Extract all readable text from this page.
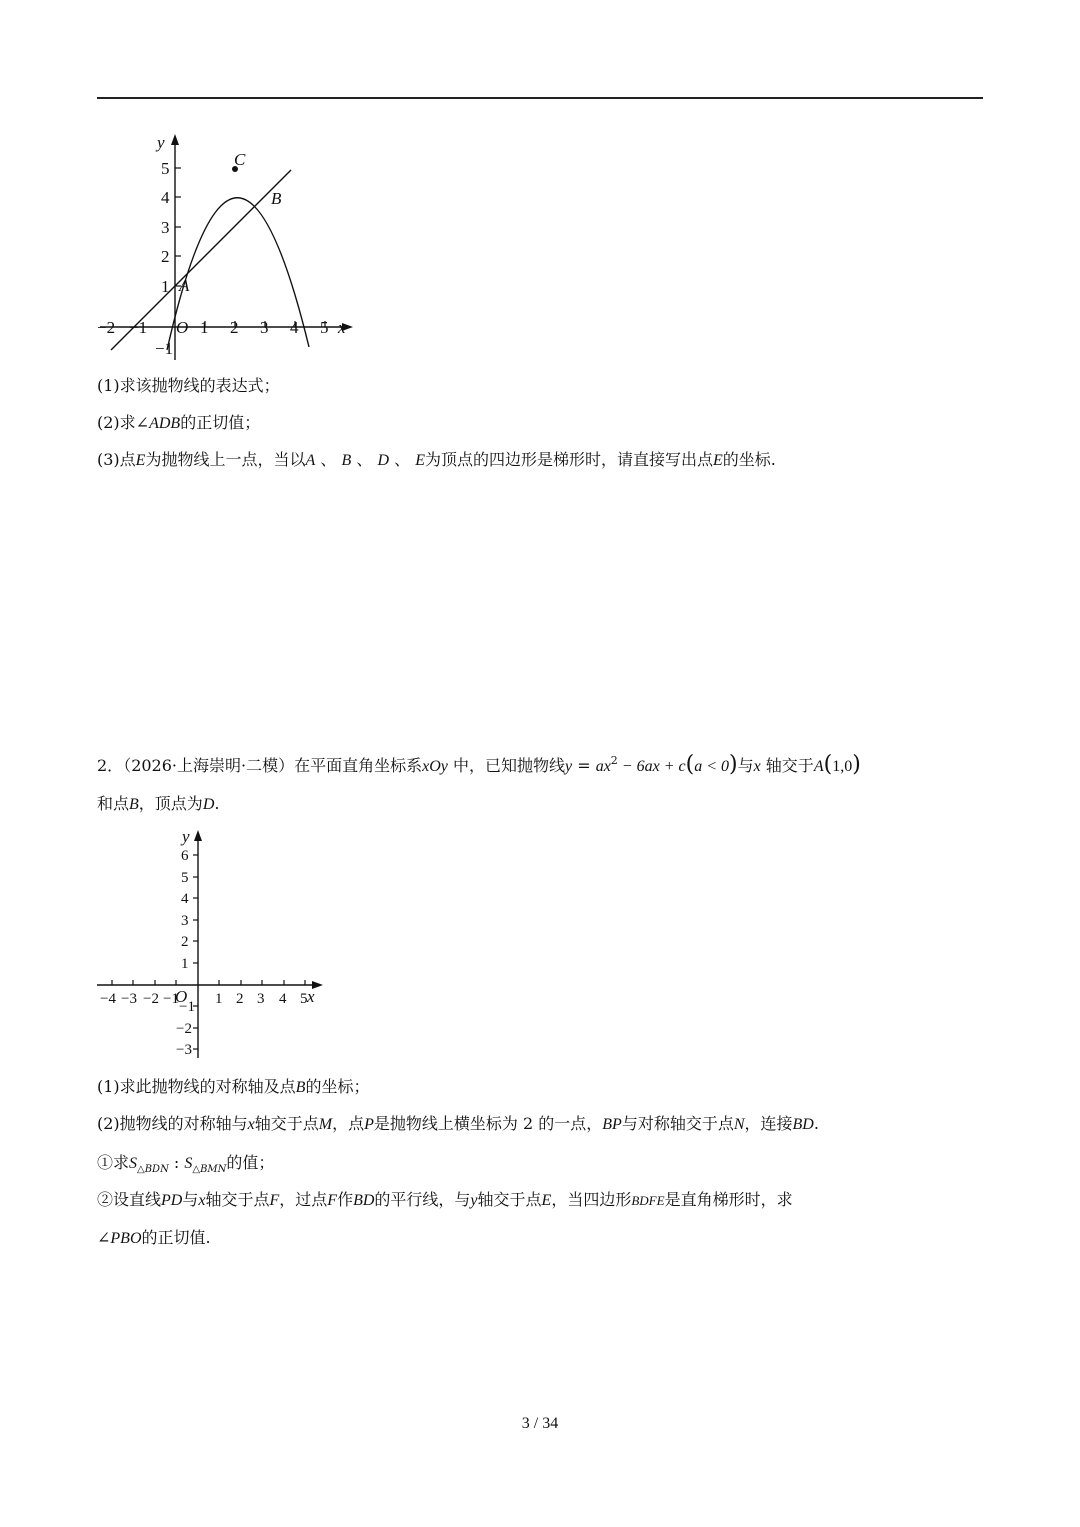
y
x
O
A
B
C
−2 −1	1 2 3 4 5
1
2
3
4
5
−1
(1)求该抛物线的表达式；
(2)求∠ADB的正切值；
(3)点E为抛物线上一点，当以A 、 B 、 D 、 E为顶点的四边形是梯形时，请直接写出点E的坐标.
2．（2026·上海崇明·二模）在平面直角坐标系xOy 中，已知抛物线$y = ax^2 - 6ax + c(a < 0)$与x 轴交于A(1,0)
和点B，顶点为D.
y
x
O
−4 −3 −2 −1 1 2 3 4 5
6
5
4
3
2
1
−1
−2
−3
(1)求此抛物线的对称轴及点B的坐标；
(2)抛物线的对称轴与x轴交于点M，点P是抛物线上横坐标为 2 的一点，BP与对称轴交于点N，连接BD.
①求$S_{\triangle BDN}$ : $S_{\triangle BMN}$的值；
②设直线PD与x轴交于点F，过点F作BD的平行线，与y轴交于点E，当四边形BDFE是直角梯形时，求
∠PBO的正切值.
3 / 34
